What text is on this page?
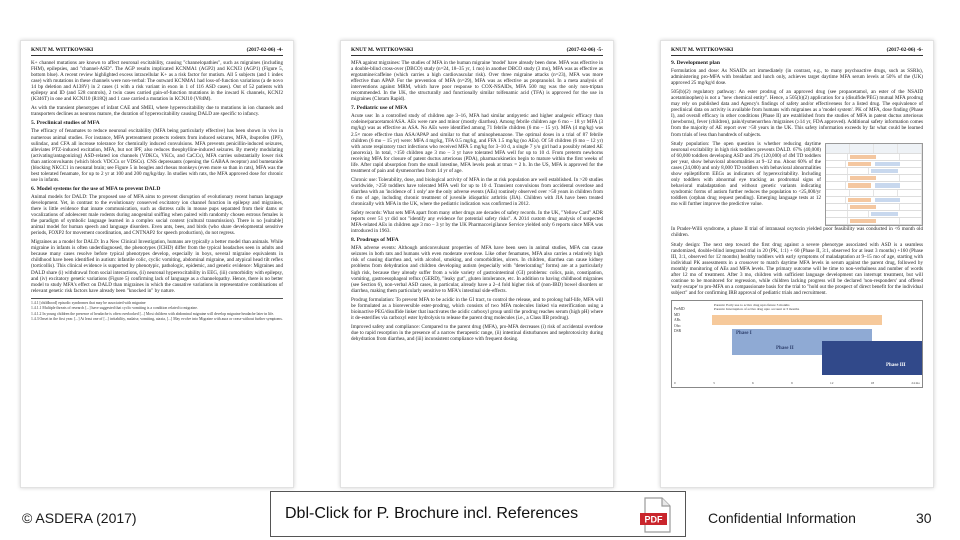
KNUT M. WITTKOWSKI	(2017-02-06) -4-

K+ channel mutations are known to affect neuronal excitability, causing "channelopathies", such as migraines (including FHM), epilepsies, and "channel-ASD". The AGP results implicated KCNMA1 (AGP2) and KCNJ3 (AGP1) (Figure 5, bottom blue). A recent review highlighted excess intracellular K+ as a risk factor for mutism. All 5 subjects (and 1 index case) with mutations in these channels were non-verbal: The outward KCNMA1 had loss-of-function variations (a de novo 14 bp deletion and A138V) in 2 cases (1 with a risk variant in exon in 1 of 116 ASD cases). Out of 52 patients with epilepsy and ID (and 528 controls), 2 twin cases carried gain-of-function mutations in the inward K channels, KCNJ2 (K346T) in one and KCNJ10 (R18Q) and 1 case carried a mutation in KCNJ10 (V84M).

As with the transient phenotypes of infant CAE and SMEI, where hyperexcitability due to mutations in ion channels and transporters declines as neurons mature, the duration of hyperexcitability causing DALD are specific to infancy.

5. Preclinical studies of MFA

The efficacy of fenamates to reduce neuronal excitability (MFA being particularly effective) has been shown in vivo in numerous animal studies. For instance, MFA pretreatment protects rodents from induced seizures, MFA, ibuprofen (IPF), sulindac, and CFA all increase tolerance for chemically induced convulsions. MFA prevents penicillin-induced seizures, alleviates PTZ-induced excitation, MFA, but not IPF, also reduces theophylline-induced seizures. By merely modulating (activating/antagonizing) ASD-related ion channels (VDKCs, VKCs, and CaCCs), MFA carries substantially lower risk than anticonvulsants (which block VDCCs or VDSCs). CNS depressants (opening the GABAA receptor) and bumetanide (blocking NKCC1 in neonatal brain; see Figure 5 in beagles and rhesus monkeys (even more so than in rats), MFA was the best tolerated fenamate, for up to 2 yr at 100 and 200 mg/kg/day. In studies with rats, the MFA approved dose for chronic use in infants.

6. Model systems for the use of MFA to prevent DALD

Animal models for DALD: The proposed use of MFA aims to prevent disruption of evolutionary recent human language development. Yet, in contrast to the evolutionary conserved excitatory ion channel function in epilepsy and migraines, there is little evidence that innate communication, such as distress calls in mouse pups separated from their dams or vocalizations of adolescent male rodents during anogenital sniffing when paired with randomly chosen estrous females is the paradigm of symbolic language learned in a complex social context (cultural transmission). There is no [suitable] animal model for human speech and language disorders. Even ants, bees, and birds (who share developmental sensitive periods, FOXP2 for movement coordination, and CNTNAP2 for speech production), do not regress.

Migraines as a model for DALD: In a New Clinical Investigation, humans are typically a better model than animals. While migraine in infants is often underdiagnosed, the phenotypes (ICHD) differ from the typical headaches seen in adults and because many cases resolve before typical phenotypes develop, especially in boys, several migraine equivalents in childhood have been identified in autism: infantile colic, cyclic vomiting, abdominal migraine, and atypical head tilt reflex (torticollis). This clinical evidence is supported by phenotypic, pathologic, epidemic, and genetic evidence: Migraines and DALD share (i) withdrawal from social interactions, (ii) neuronal hyperexcitability in EEG, (iii) comorbidity with epilepsy, and (iv) excitatory genetic variations (Figure 5) confirming lack of language as a channelopathy. Hence, there is no better model to study MFA's effect on DALD than migraines in which the causative variations in representative combinations of relevant genetic risk factors have already been "knocked in" by nature.

1.4.1 [childhood] episodic syndromes that may be associated with migraine
1.4.1.1 Multiple threats of research [...] have suggested that cyclic vomiting is a condition related to migraine.
1.4.1.2 In young children the presence of headache is often overlooked [...] Most children with abdominal migraine will develop migraine headache later in life.
1.4.3 Onset in the first year. [...] At least one of [...] irritability, malaise, vomiting, ataxia, [...] May evolve into Migraine with aura or cease without further symptoms.
KNUT M. WITTKOWSKI	(2017-02-06) -5-

MFA against migraines: The studies of MFA in the human migraine 'model' have already been done. MFA was effective in a double-blind cross-over (DBCO) study (n=24, 18–35 yr, 1 mo) in another DBCO study (3 mo), MFA was as effective as ergotamine/caffeine (which carries a high cardiovascular risk). Over three migraine attacks (n=23), MFA was more effective than APAP. For the prevention of MFA (n=29), MFA was as effective as propranolol. In a meta analysis of interventions against MRM, which have poor response to COX-NSAIDs, MFA 500 mg was the only non-triptan recommended. In the UK, the structurally and functionally similar tolfenamic acid (TFA) is approved for the use in migraines (Clotam Rapid).

7. Pediatric use of MFA

Acute use: In a controlled study of children age 3–16, MFA had similar antipyretic and higher analgesic efficacy than codeine/paracetamol/ASA. AEs were rare and minor (mostly diarrhea). Among febrile children age 6 mo – 18 yr MFA (3 mg/kg) was as effective as ASA. No AEs were identified among 71 febrile children (6 mo – 15 yr). MFA (4 mg/kg) was 2.5× more effective than ASA/APAP and similar to that of aminophenazone. The optimal doses in a trial of 87 febrile children (6 mo – 15 yr) were: MFA 4 mg/kg, TFA 0.5 mg/kg, and FFA 1.5 mg/kg (no AEs). Of 50 children (6 mo – 12 yr) with acute respiratory tract infections who received MFA 5 mg/kg for 3–10 d, a single 7 y/o girl had a possibly related AE (anorexia). In total, >150 children age 3 mo – 3 yr have tolerated MFA well for up to 10 d. From preterm newborns receiving MFA for closure of patent ductus arteriosus (PDA), pharmacokinetics begin to mature within the first weeks of life. After rapid absorption from the small intestine, MFA levels peak at tmax = 2 h. In the US, MFA is approved for the treatment of pain and dysmenorrhea from 14 yr of age.

Chronic use: Tolerability, dose, and biological activity of MFA in the at risk population are well established. In >20 studies worldwide, >250 toddlers have tolerated MFA well for up to 10 d. Transient convulsions from accidental overdose and diarrhea with an 'incidence of 1 only' are the only adverse events (AEs) routinely observed over >50 years in children from 6 mo of age, including chronic treatment of juvenile idiopathic arthritis (JIA). Children with JIA have been treated chronically with MFA in the UK, where the pediatric indication was confirmed in 2012.

Safety records: What sets MFA apart from many other drugs are decades of safety records. In the UK, "Yellow Card" ADR reports over 51 yr did not "identify any evidence for potential safety risks". A 2014 custom drug analysis of suspected MFA-related AEs in children age 3 mo – 3 yr by the UK Pharmacovigilance Service yielded only 6 reports since MFA was introduced in 1963.

8. Prodrugs of MFA

MFA adverse events: Although anticonvulsant properties of MFA have been seen in animal studies, MFA can cause seizures in both rats and humans with even moderate overdose. Like other fenamates, MFA also carries a relatively high risk of causing diarrhea and, with alcohol, smoking, and comorbidities, ulcers. In children, diarrhea can cause kidney problems from dehydration and children developing autism (especially with "deteriorating" forms) are at a particularly high risk, because they already suffer from a wide variety of gastrointestinal (GI) problems: colics, pain, constipation, vomiting, gastroesophageal reflux (GERD), "leaky gut", gluten intolerance, etc. In addition to having childhood migraines (see Section 6), non-verbal ASD cases, in particular, already have a 2–4 fold higher risk of (non-IBD) bowel disorders or diarrhea, making them particularly sensitive to MFA's intestinal side-effects.

Prodrug formulation: To prevent MFA to be acidic in the GI tract, to control the release, and to prolong half-life, MFA will be formulated as a bioreversible ester-prodrug, which consists of two MFA molecules linked via esterification using a bioinactive PEG/disulfide linker that inactivates the acidic carboxyl group until the prodrug reaches serum (high pH) where it de-esterifies via carboxyl ester hydrolysis to release the parent drug molecules (i.e., a Class IIB prodrug).

Improved safety and compliance: Compared to the parent drug (MFA), pro-MFA decreases (i) risk of accidental overdose due to rapid resorption in the presence of a narrow therapeutic range, (ii) intestinal disturbances and nephrotoxicity during dehydration from diarrhea, and (iii) inconsistent compliance with frequent dosing.

KNUT M. WITTKOWSKI	(2017-02-06) -6-
9. Development plan

Formulation and dose: As NSAIDs act immediately (in contrast, e.g., to many psychoactive drugs, such as SSRIs), administering pro-MFA with breakfast and lunch only, achieves target daytime MFA serum levels at 50% of the (UK) approved 25 mg/kg/d dose.

505(b)(2) regulatory pathway: An ester prodrug of an approved drug (see propacetamol, an ester of the NSAID acetaminophen) is not a "new chemical entity". Hence, a 505(b)(2) application for a (disulfide/PEG) mutual MFA prodrug may rely on published data and Agency's findings of safety and/or effectiveness for a listed drug. The equivalence of preclinical data on activity is available from humans with migraines as a 'model system'. PK of MFA, dose finding (Phase I), and overall efficacy in other conditions (Phase II) are established from the studies of MFA in patent ductus arteriosus (newborns), fever (children), pain/dysmenorrhea /migraines (≥14 yr, FDA approved). Additional safety information comes from the majority of AE report over >50 years in the UK. This safety information exceeds by far what could be learned from trials of less than hundreds of subjects.

Study population: The open question is whether reducing daytime neuronal excitability in high risk toddlers prevents DALD. 67% (40,000) of 60,000 toddlers developing ASD and 3% (120,000) of 4M TD toddlers per year, show behavioral abnormalities at 9–12 mo. About 60% of the cases (24,000) and only 8,000 TD toddlers with behavioral abnormalities show epileptiform EEGs as indicators of hyperexcitability. Including only toddlers with abnormal eye tracking as prodromal signs of behavioral maladaptation and without genetic variants indicating syndromic forms of autism further reduces the population to <25,000/yr toddlers (orphan drug request pending). Emerging language tests at 12 mo will further improve the predictive value.

In Prader-Willi syndrome, a phase II trial of intranasal oxytocin yielded poor feasibility was conducted in <6 month old children.

Study design: The next step toward the first drug against a severe phenotype associated with ASD is a seamless randomized, double-blind integrated trial in 20 (PK, 1:1) + 60 (Phase II, 3:1, observed for at least 3 months) +160 (Phase III, 3:1, observed for 12 months) healthy toddlers with early symptoms of maladaptation at 9–15 mo of age, starting with individual PK assessments in a crossover to match daytime MFA levels in serum against the parent drug, followed by monthly monitoring of AEs and MFA levels. The primary outcome will be time to non-verbalness and number of words after 12 mo of treatment. After 3 mo, children with sufficient language development can interrupt treatment, but will continue to be monitored for regression, while children lacking progress will be declared 'non-responders' and offered 'early escape' to pro-MFA on a compassionate basis for the trial to "hold out the prospect of direct benefit for the individual subject" and for confirming IRB approval of pediatric trials and recruitment.

PreMD
MD
ABs
Ofsc
DSR
Parents: Early use to active drug upto future 3 months
Parents: Interruption of active drug upto account at 3 months
Phase I
Phase II
Phase III
0	3	6	9	12	18	24 mo
© ASDERA (2017)	Dbl-Click for P. Brochure incl. References	PDF	Confidential Information	30
